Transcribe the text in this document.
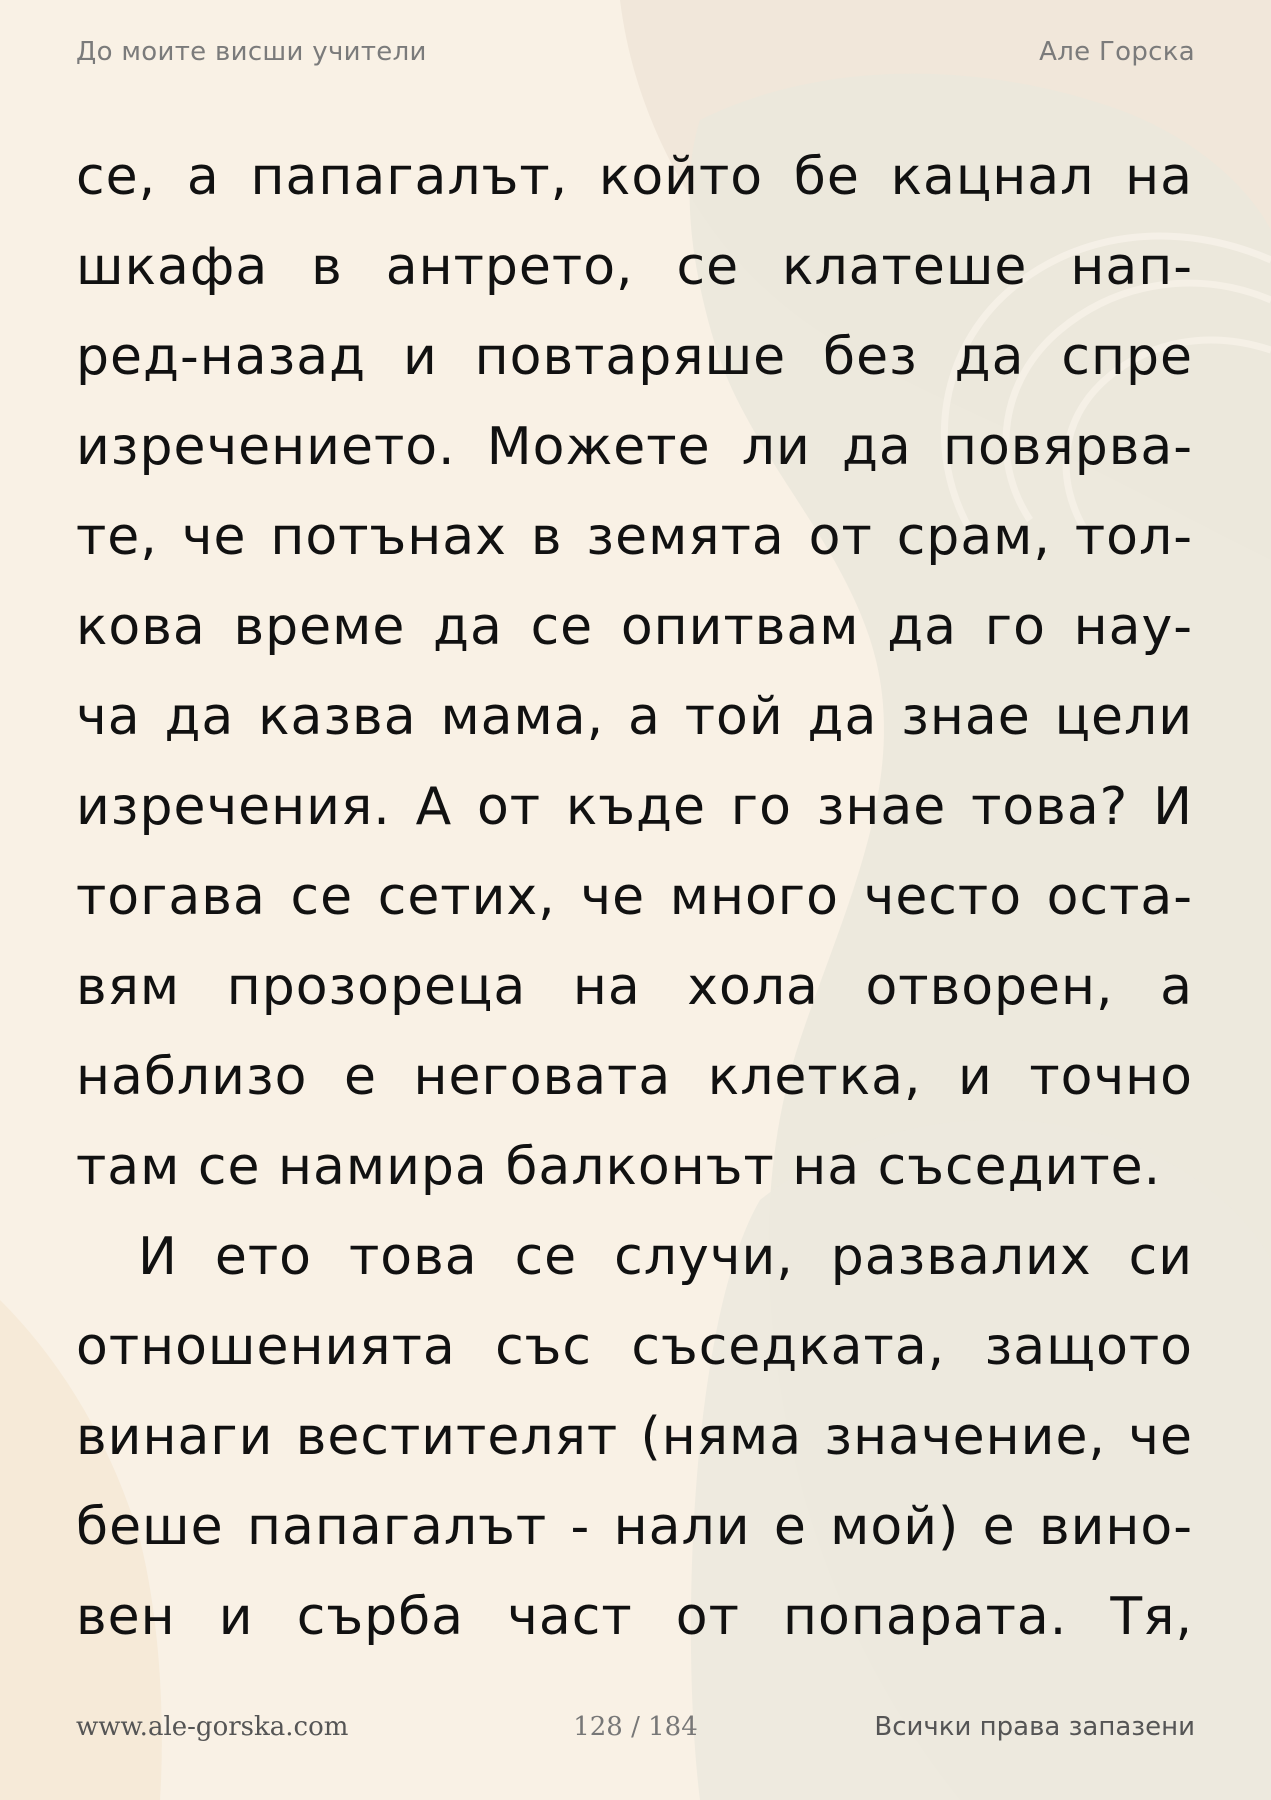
До моите висши учители	Але Горска
се, а папагалът, който бе кацнал на
шкафа в антрето, се клатеше нап-
ред-назад и повтаряше без да спре
изречението. Можете ли да повярва-
те, че потънах в земята от срам, тол-
кова време да се опитвам да го нау-
ча да казва мама, а той да знае цели
изречения. А от къде го знае това? И
тогава се сетих, че много често оста-
вям прозореца на хола отворен, а
наблизо е неговата клетка, и точно
там се намира балконът на съседите.
И ето това се случи, развалих си
отношенията със съседката, защото
винаги вестителят (няма значение, че
беше папагалът - нали е мой) е вино-
вен и сърба част от попарата. Тя,
www.ale-gorska.com	128 / 184	Всички права запазени
